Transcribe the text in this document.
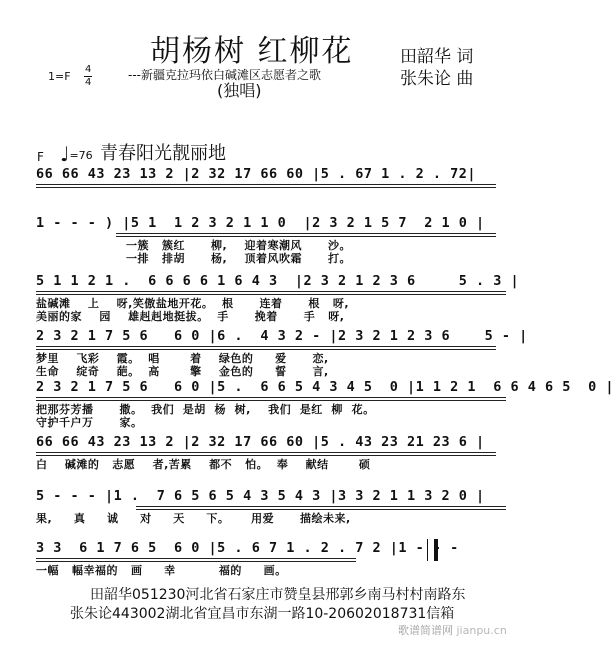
胡杨树 红柳花
---新疆克拉玛依白碱滩区志愿者之歌
(独唱)
1=F
4
4
田韶华 词
张朱论 曲
F ♩=76 青春阳光靓丽地
66 66 43 23 13 2 |2 32 17 66 60 |5 . 67 1 . 2 . 72|
1 - - - ) |5 1  1 2 3 2 1 1 0  |2 3 2 1 5 7  2 1 0 |
一簇   簇红      柳,    迎着寒潮风      沙。
一排   排胡      杨,    顶着风吹霜      打。
5 1 1 2 1 .  6 6 6 6 1 6 4 3  |2 3 2 1 2 3 6     5 . 3 |
盐碱滩    上    呀,笑傲盐地开花。  根      连着      根   呀,
美丽的家    园    雄赳赳地挺拔。  手      挽着      手   呀,
2 3 2 1 7 5 6   6 0 |6 .  4 3 2 - |2 3 2 1 2 3 6    5 - |
梦里    飞彩    霞。  唱       着    绿色的     爱      恋,
生命    绽奇    葩。  高       擎    金色的     誓      言,
2 3 2 1 7 5 6   6 0 |5 .  6 6 5 4 3 4 5  0 |1 1 2 1  6 6 4 6 5  0 |
把那芬芳播      撒。  我们  是胡  杨  树,    我们  是红  柳  花。
守护千户万      家。
66 66 43 23 13 2 |2 32 17 66 60 |5 . 43 23 21 23 6 |
白    碱滩的   志愿    者,苦累    都不   怕。  奉    献结       硕
5 - - - |1 .  7 6 5 6 5 4 3 5 4 3 |3 3 2 1 1 3 2 0 |
果,     真     诚     对     天     下。     用爱      描绘未来,
3 3  6 1 7 6 5  6 0 |5 . 6 7 1 . 2 . 7 2 |1 - - -
一幅   幅幸福的   画     幸          福的     画。
田韶华051230河北省石家庄市赞皇县邢郭乡南马村村南路东
张朱论443002湖北省宜昌市东湖一路10-20602018731信箱
歌谱简谱网 jianpu.cn
